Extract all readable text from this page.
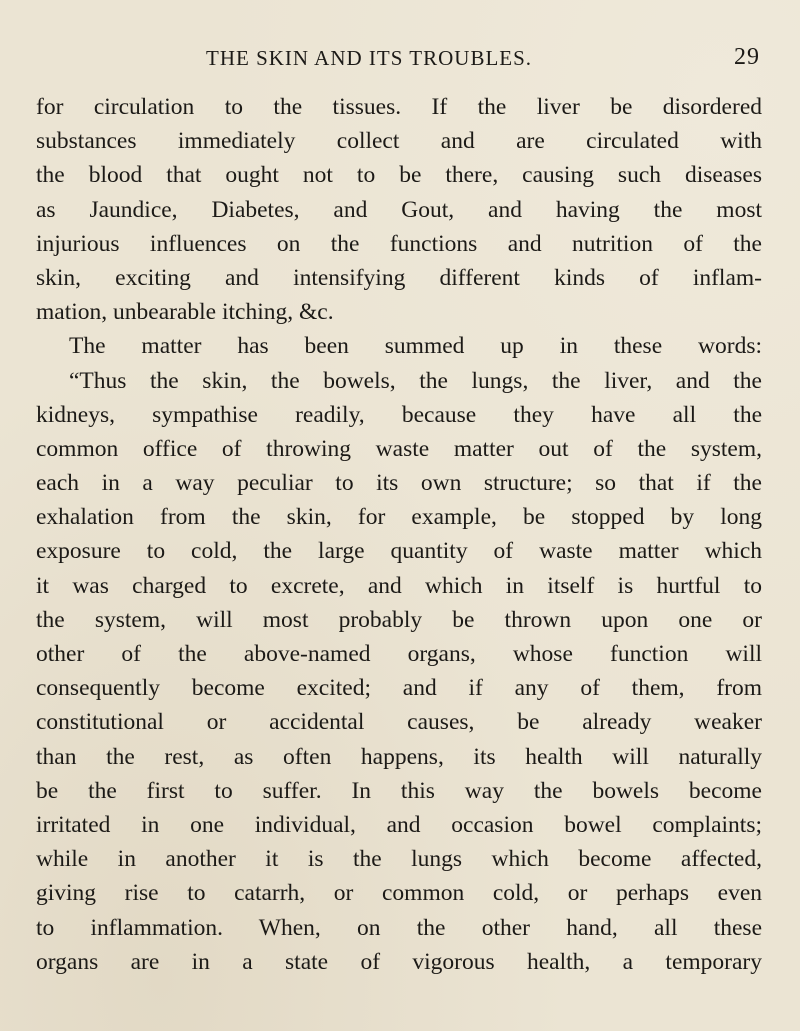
THE SKIN AND ITS TROUBLES.	29
for circulation to the tissues. If the liver be disordered
substances immediately collect and are circulated with
the blood that ought not to be there, causing such diseases
as Jaundice, Diabetes, and Gout, and having the most
injurious influences on the functions and nutrition of the
skin, exciting and intensifying different kinds of inflam-
mation, unbearable itching, &c.
The matter has been summed up in these words:
“Thus the skin, the bowels, the lungs, the liver, and the
kidneys, sympathise readily, because they have all the
common office of throwing waste matter out of the system,
each in a way peculiar to its own structure; so that if the
exhalation from the skin, for example, be stopped by long
exposure to cold, the large quantity of waste matter which
it was charged to excrete, and which in itself is hurtful to
the system, will most probably be thrown upon one or
other of the above-named organs, whose function will
consequently become excited; and if any of them, from
constitutional or accidental causes, be already weaker
than the rest, as often happens, its health will naturally
be the first to suffer. In this way the bowels become
irritated in one individual, and occasion bowel complaints;
while in another it is the lungs which become affected,
giving rise to catarrh, or common cold, or perhaps even
to inflammation. When, on the other hand, all these
organs are in a state of vigorous health, a temporary
